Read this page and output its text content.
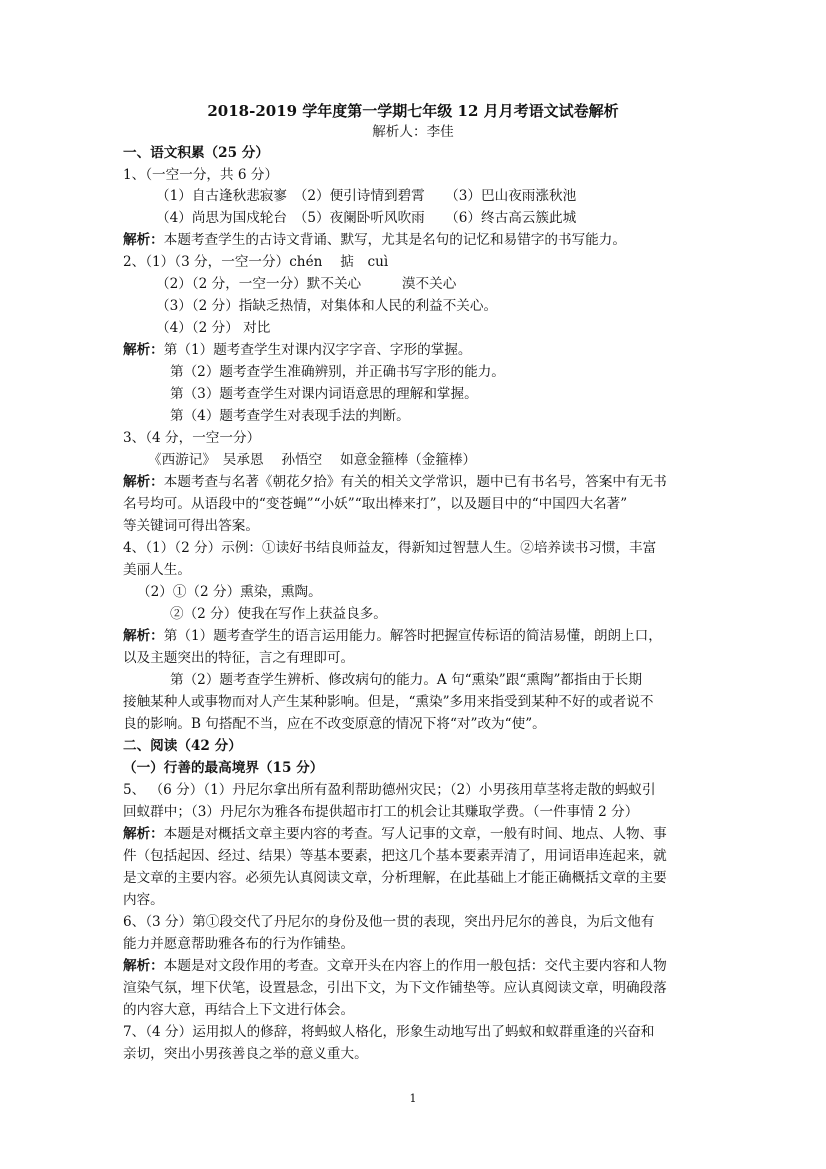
2018-2019 学年度第一学期七年级 12 月月考语文试卷解析
解析人：李佳
一、语文积累（25 分）
1、（一空一分，共 6 分）
（1）自古逢秋悲寂寥　（2）便引诗情到碧霄　　（3）巴山夜雨涨秋池
（4）尚思为国戍轮台　（5）夜阑卧听风吹雨　　（6）终古高云簇此城
解析：本题考查学生的古诗文背诵、默写，尤其是名句的记忆和易错字的书写能力。
2、（1）（3 分，一空一分）chén　 掂　cuì
（2）（2 分，一空一分）默不关心　　　漠不关心
（3）（2 分）指缺乏热情，对集体和人民的利益不关心。
（4）（2 分） 对比
解析：第（1）题考查学生对课内汉字字音、字形的掌握。
第（2）题考查学生准确辨别，并正确书写字形的能力。
第（3）题考查学生对课内词语意思的理解和掌握。
第（4）题考查学生对表现手法的判断。
3、（4 分，一空一分）
《西游记》　吴承恩　 孙悟空　 如意金箍棒（金箍棒）
解析：本题考查与名著《朝花夕拾》有关的相关文学常识，题中已有书名号，答案中有无书
名号均可。从语段中的“变苍蝇”“小妖”“取出棒来打”，以及题目中的“中国四大名著”
等关键词可得出答案。
4、（1）（2 分）示例：①读好书结良师益友，得新知过智慧人生。②培养读书习惯，丰富
美丽人生。
（2）①（2 分）熏染，熏陶。
②（2 分）使我在写作上获益良多。
解析：第（1）题考查学生的语言运用能力。解答时把握宣传标语的简洁易懂，朗朗上口，
以及主题突出的特征，言之有理即可。
第（2）题考查学生辨析、修改病句的能力。A 句“熏染”跟“熏陶”都指由于长期
接触某种人或事物而对人产生某种影响。但是，“熏染”多用来指受到某种不好的或者说不
良的影响。B 句搭配不当，应在不改变原意的情况下将“对”改为“使”。
二、阅读（42 分）
（一）行善的最高境界（15 分）
5、 （6 分）（1）丹尼尔拿出所有盈利帮助德州灾民；（2）小男孩用草茎将走散的蚂蚁引
回蚁群中；（3）丹尼尔为雅各布提供超市打工的机会让其赚取学费。（一件事情 2 分）
解析：本题是对概括文章主要内容的考查。写人记事的文章，一般有时间、地点、人物、事
件（包括起因、经过、结果）等基本要素，把这几个基本要素弄清了，用词语串连起来，就
是文章的主要内容。必须先认真阅读文章，分析理解，在此基础上才能正确概括文章的主要
内容。
6、（3 分）第①段交代了丹尼尔的身份及他一贯的表现，突出丹尼尔的善良，为后文他有
能力并愿意帮助雅各布的行为作铺垫。
解析：本题是对文段作用的考查。文章开头在内容上的作用一般包括：交代主要内容和人物
渲染气氛，埋下伏笔，设置悬念，引出下文，为下文作铺垫等。应认真阅读文章，明确段落
的内容大意，再结合上下文进行体会。
7、（4 分）运用拟人的修辞，将蚂蚁人格化，形象生动地写出了蚂蚁和蚁群重逢的兴奋和
亲切，突出小男孩善良之举的意义重大。
1
